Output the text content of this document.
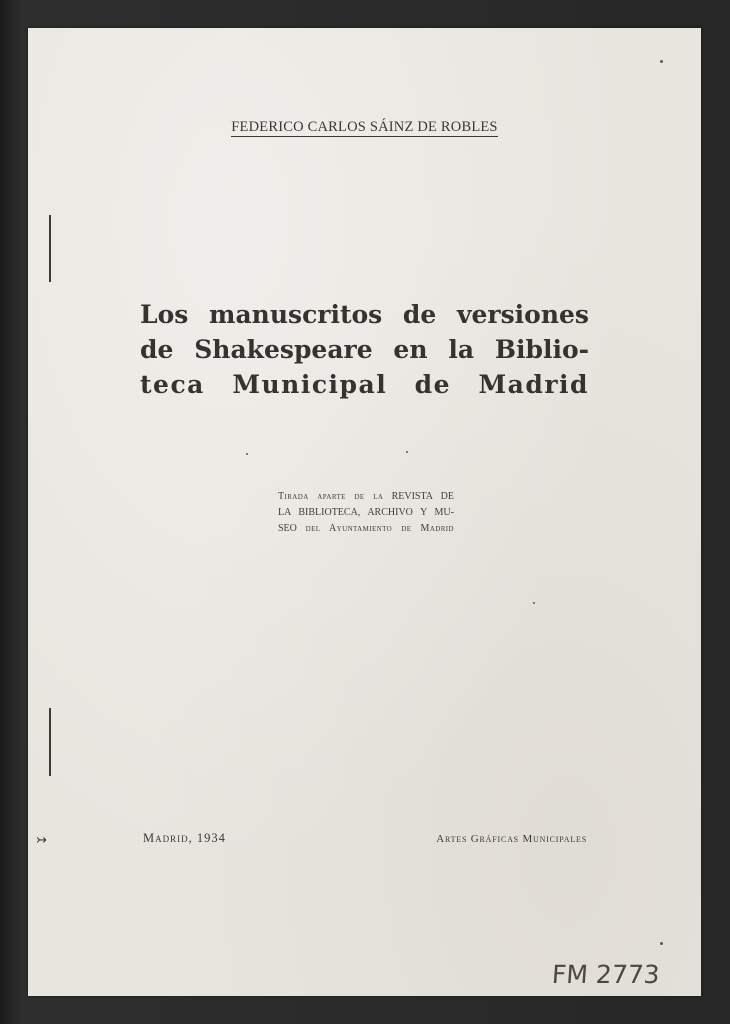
FEDERICO CARLOS SÁINZ DE ROBLES
Los manuscritos de versiones
de Shakespeare en la Biblio-
teca Municipal de Madrid
Tirada aparte de la REVISTA DE
LA BIBLIOTECA, ARCHIVO Y MU-
SEO del Ayuntamiento de Madrid
Madrid, 1934	Artes Gráficas Municipales
FM 2773
↣
